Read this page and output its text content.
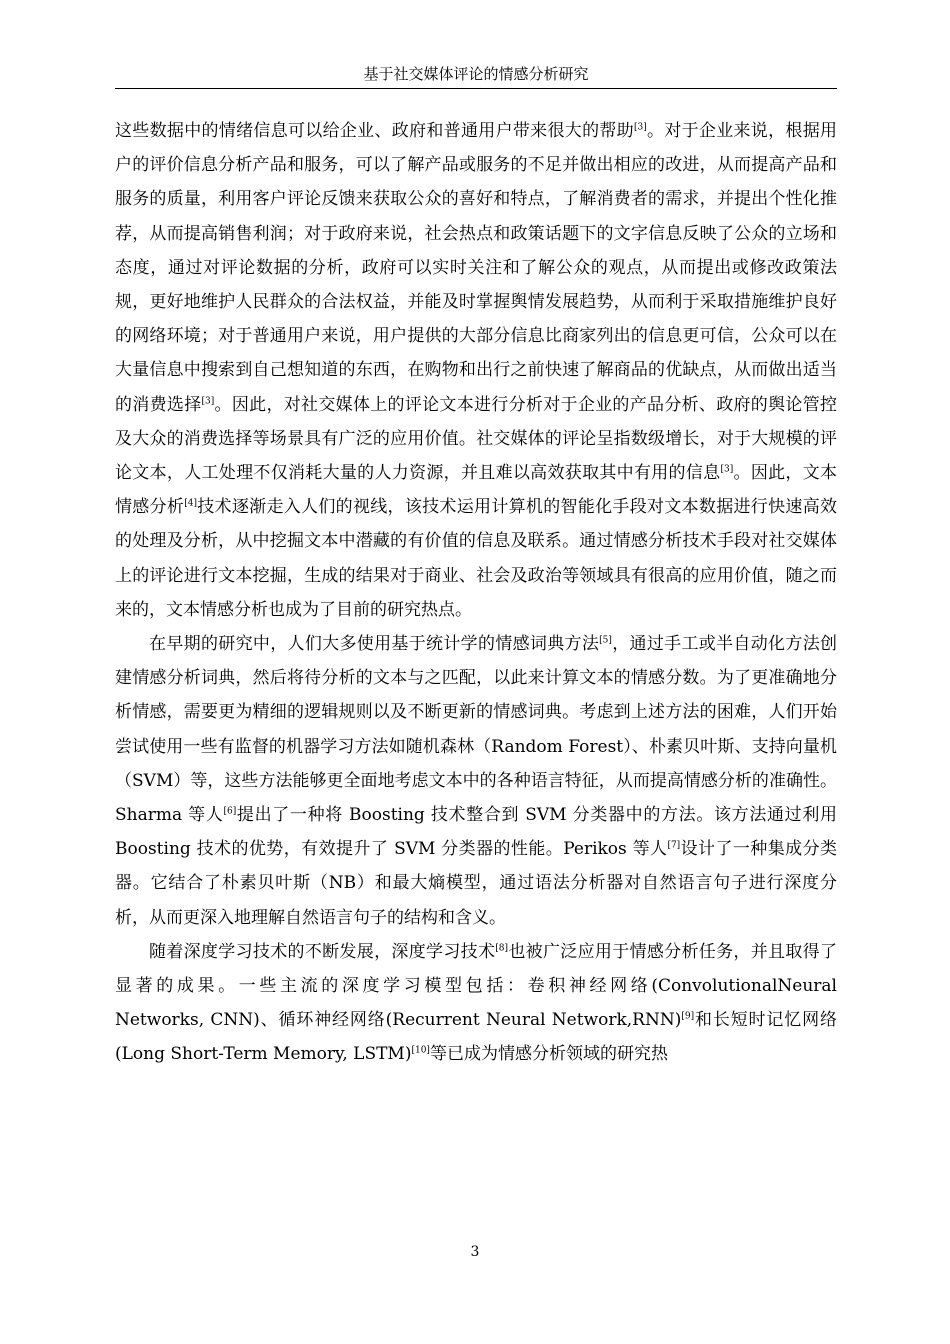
基于社交媒体评论的情感分析研究

这些数据中的情绪信息可以给企业、政府和普通用户带来很大的帮助[3]。对于企业来说，根据用户的评价信息分析产品和服务，可以了解产品或服务的不足并做出相应的改进，从而提高产品和服务的质量，利用客户评论反馈来获取公众的喜好和特点，了解消费者的需求，并提出个性化推荐，从而提高销售利润；对于政府来说，社会热点和政策话题下的文字信息反映了公众的立场和态度，通过对评论数据的分析，政府可以实时关注和了解公众的观点，从而提出或修改政策法规，更好地维护人民群众的合法权益，并能及时掌握舆情发展趋势，从而利于采取措施维护良好的网络环境；对于普通用户来说，用户提供的大部分信息比商家列出的信息更可信，公众可以在大量信息中搜索到自己想知道的东西，在购物和出行之前快速了解商品的优缺点，从而做出适当的消费选择[3]。因此，对社交媒体上的评论文本进行分析对于企业的产品分析、政府的舆论管控及大众的消费选择等场景具有广泛的应用价值。社交媒体的评论呈指数级增长，对于大规模的评论文本，人工处理不仅消耗大量的人力资源，并且难以高效获取其中有用的信息[3]。因此，文本情感分析[4]技术逐渐走入人们的视线，该技术运用计算机的智能化手段对文本数据进行快速高效的处理及分析，从中挖掘文本中潜藏的有价值的信息及联系。通过情感分析技术手段对社交媒体上的评论进行文本挖掘，生成的结果对于商业、社会及政治等领域具有很高的应用价值，随之而来的，文本情感分析也成为了目前的研究热点。

在早期的研究中，人们大多使用基于统计学的情感词典方法[5]，通过手工或半自动化方法创建情感分析词典，然后将待分析的文本与之匹配，以此来计算文本的情感分数。为了更准确地分析情感，需要更为精细的逻辑规则以及不断更新的情感词典。考虑到上述方法的困难，人们开始尝试使用一些有监督的机器学习方法如随机森林（Random Forest）、朴素贝叶斯、支持向量机（SVM）等，这些方法能够更全面地考虑文本中的各种语言特征，从而提高情感分析的准确性。Sharma 等人[6]提出了一种将 Boosting 技术整合到 SVM 分类器中的方法。该方法通过利用 Boosting 技术的优势，有效提升了 SVM 分类器的性能。Perikos 等人[7]设计了一种集成分类器。它结合了朴素贝叶斯（NB）和最大熵模型，通过语法分析器对自然语言句子进行深度分析，从而更深入地理解自然语言句子的结构和含义。

随着深度学习技术的不断发展，深度学习技术[8]也被广泛应用于情感分析任务，并且取得了显著的成果。一些主流的深度学习模型包括：卷积神经网络(ConvolutionalNeural Networks, CNN)、循环神经网络(Recurrent Neural Network,RNN)[9]和长短时记忆网络(Long Short-Term Memory, LSTM)[10]等已成为情感分析领域的研究热

3
